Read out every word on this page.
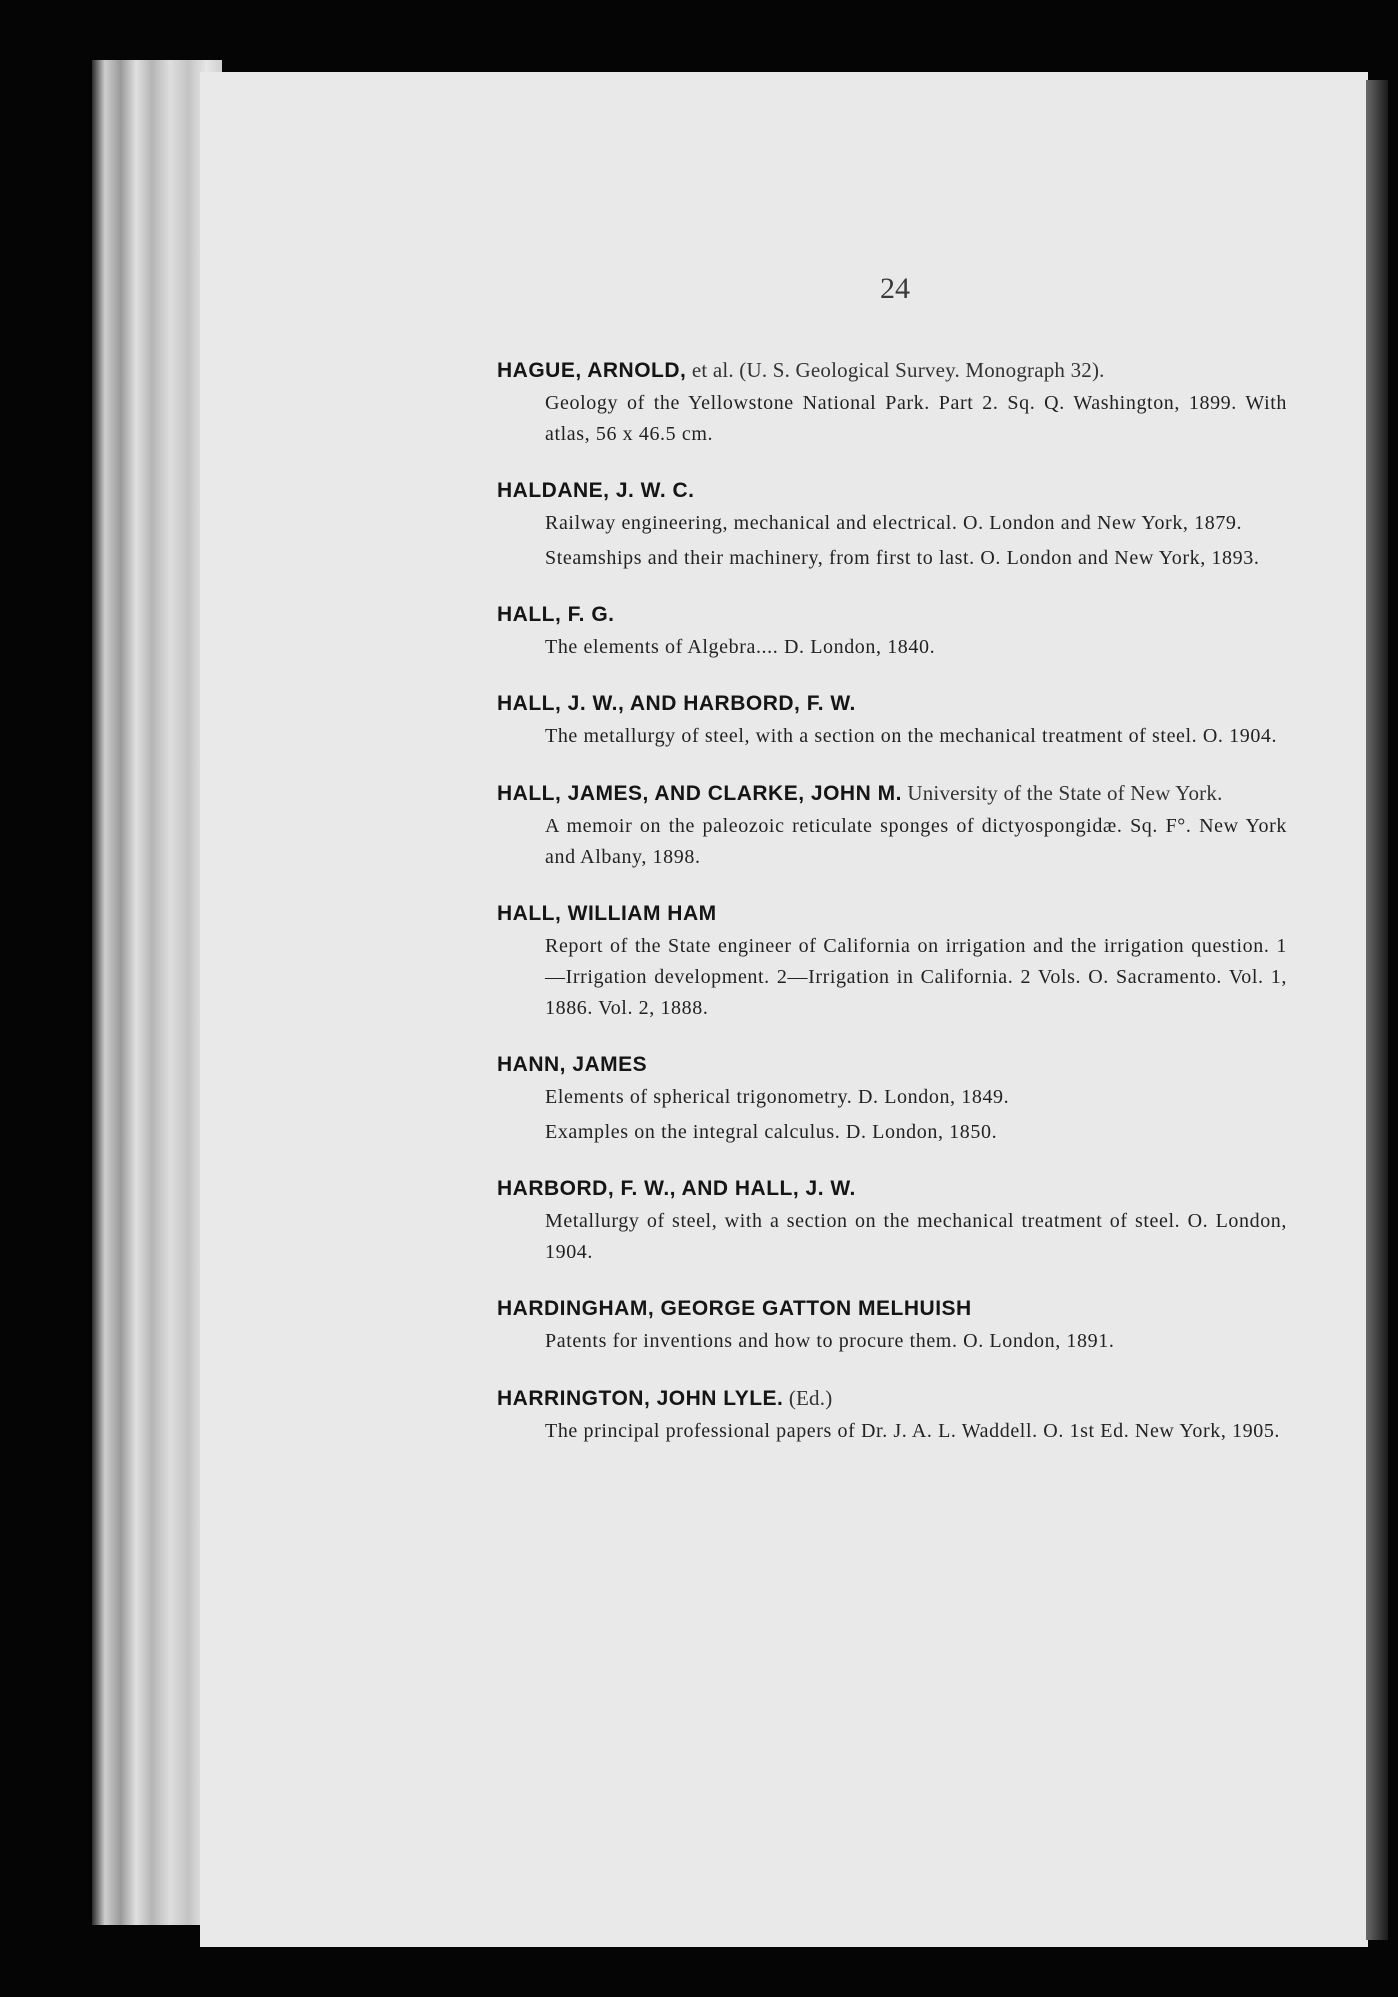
24
HAGUE, ARNOLD, et al. (U. S. Geological Survey. Monograph 32).
Geology of the Yellowstone National Park. Part 2. Sq. Q. Washington, 1899. With atlas, 56 x 46.5 cm.
HALDANE, J. W. C.
Railway engineering, mechanical and electrical. O. London and New York, 1879.
Steamships and their machinery, from first to last. O. London and New York, 1893.
HALL, F. G.
The elements of Algebra.... D. London, 1840.
HALL, J. W., AND HARBORD, F. W.
The metallurgy of steel, with a section on the mechanical treatment of steel. O. 1904.
HALL, JAMES, AND CLARKE, JOHN M. University of the State of New York.
A memoir on the paleozoic reticulate sponges of dictyospongidæ. Sq. F°. New York and Albany, 1898.
HALL, WILLIAM HAM
Report of the State engineer of California on irrigation and the irrigation question. 1—Irrigation development. 2—Irrigation in California. 2 Vols. O. Sacramento. Vol. 1, 1886. Vol. 2, 1888.
HANN, JAMES
Elements of spherical trigonometry. D. London, 1849.
Examples on the integral calculus. D. London, 1850.
HARBORD, F. W., AND HALL, J. W.
Metallurgy of steel, with a section on the mechanical treatment of steel. O. London, 1904.
HARDINGHAM, GEORGE GATTON MELHUISH
Patents for inventions and how to procure them. O. London, 1891.
HARRINGTON, JOHN LYLE. (Ed.)
The principal professional papers of Dr. J. A. L. Waddell. O. 1st Ed. New York, 1905.
